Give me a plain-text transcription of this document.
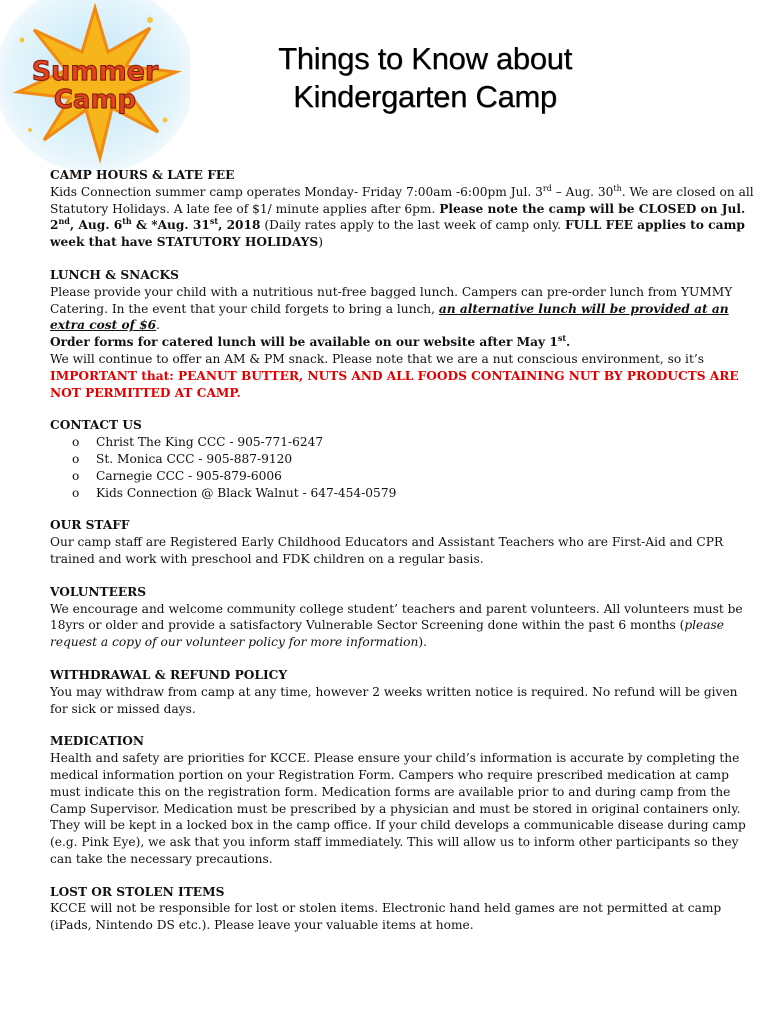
Summer
Camp
Things to Know about
Kindergarten Camp
CAMP HOURS & LATE FEE
Kids Connection summer camp operates Monday- Friday 7:00am -6:00pm Jul. 3rd – Aug. 30th. We are closed on all Statutory Holidays. A late fee of $1/ minute applies after 6pm. Please note the camp will be CLOSED on Jul. 2nd, Aug. 6th & *Aug. 31st, 2018 (Daily rates apply to the last week of camp only. FULL FEE applies to camp week that have STATUTORY HOLIDAYS)
LUNCH & SNACKS
Please provide your child with a nutritious nut-free bagged lunch. Campers can pre-order lunch from YUMMY Catering. In the event that your child forgets to bring a lunch, an alternative lunch will be provided at an extra cost of $6.
Order forms for catered lunch will be available on our website after May 1st.
We will continue to offer an AM & PM snack. Please note that we are a nut conscious environment, so it’s
IMPORTANT that: PEANUT BUTTER, NUTS AND ALL FOODS CONTAINING NUT BY PRODUCTS ARE NOT PERMITTED AT CAMP.
CONTACT US
o	Christ The King CCC - 905-771-6247
o	St. Monica CCC - 905-887-9120
o	Carnegie CCC - 905-879-6006
o	Kids Connection @ Black Walnut - 647-454-0579
OUR STAFF
Our camp staff are Registered Early Childhood Educators and Assistant Teachers who are First-Aid and CPR trained and work with preschool and FDK children on a regular basis.
VOLUNTEERS
We encourage and welcome community college student’ teachers and parent volunteers. All volunteers must be 18yrs or older and provide a satisfactory Vulnerable Sector Screening done within the past 6 months (please request a copy of our volunteer policy for more information).
WITHDRAWAL & REFUND POLICY
You may withdraw from camp at any time, however 2 weeks written notice is required. No refund will be given for sick or missed days.
MEDICATION
Health and safety are priorities for KCCE. Please ensure your child’s information is accurate by completing the medical information portion on your Registration Form. Campers who require prescribed medication at camp must indicate this on the registration form. Medication forms are available prior to and during camp from the Camp Supervisor. Medication must be prescribed by a physician and must be stored in original containers only. They will be kept in a locked box in the camp office. If your child develops a communicable disease during camp (e.g. Pink Eye), we ask that you inform staff immediately. This will allow us to inform other participants so they can take the necessary precautions.
LOST OR STOLEN ITEMS
KCCE will not be responsible for lost or stolen items. Electronic hand held games are not permitted at camp (iPads, Nintendo DS etc.). Please leave your valuable items at home.
